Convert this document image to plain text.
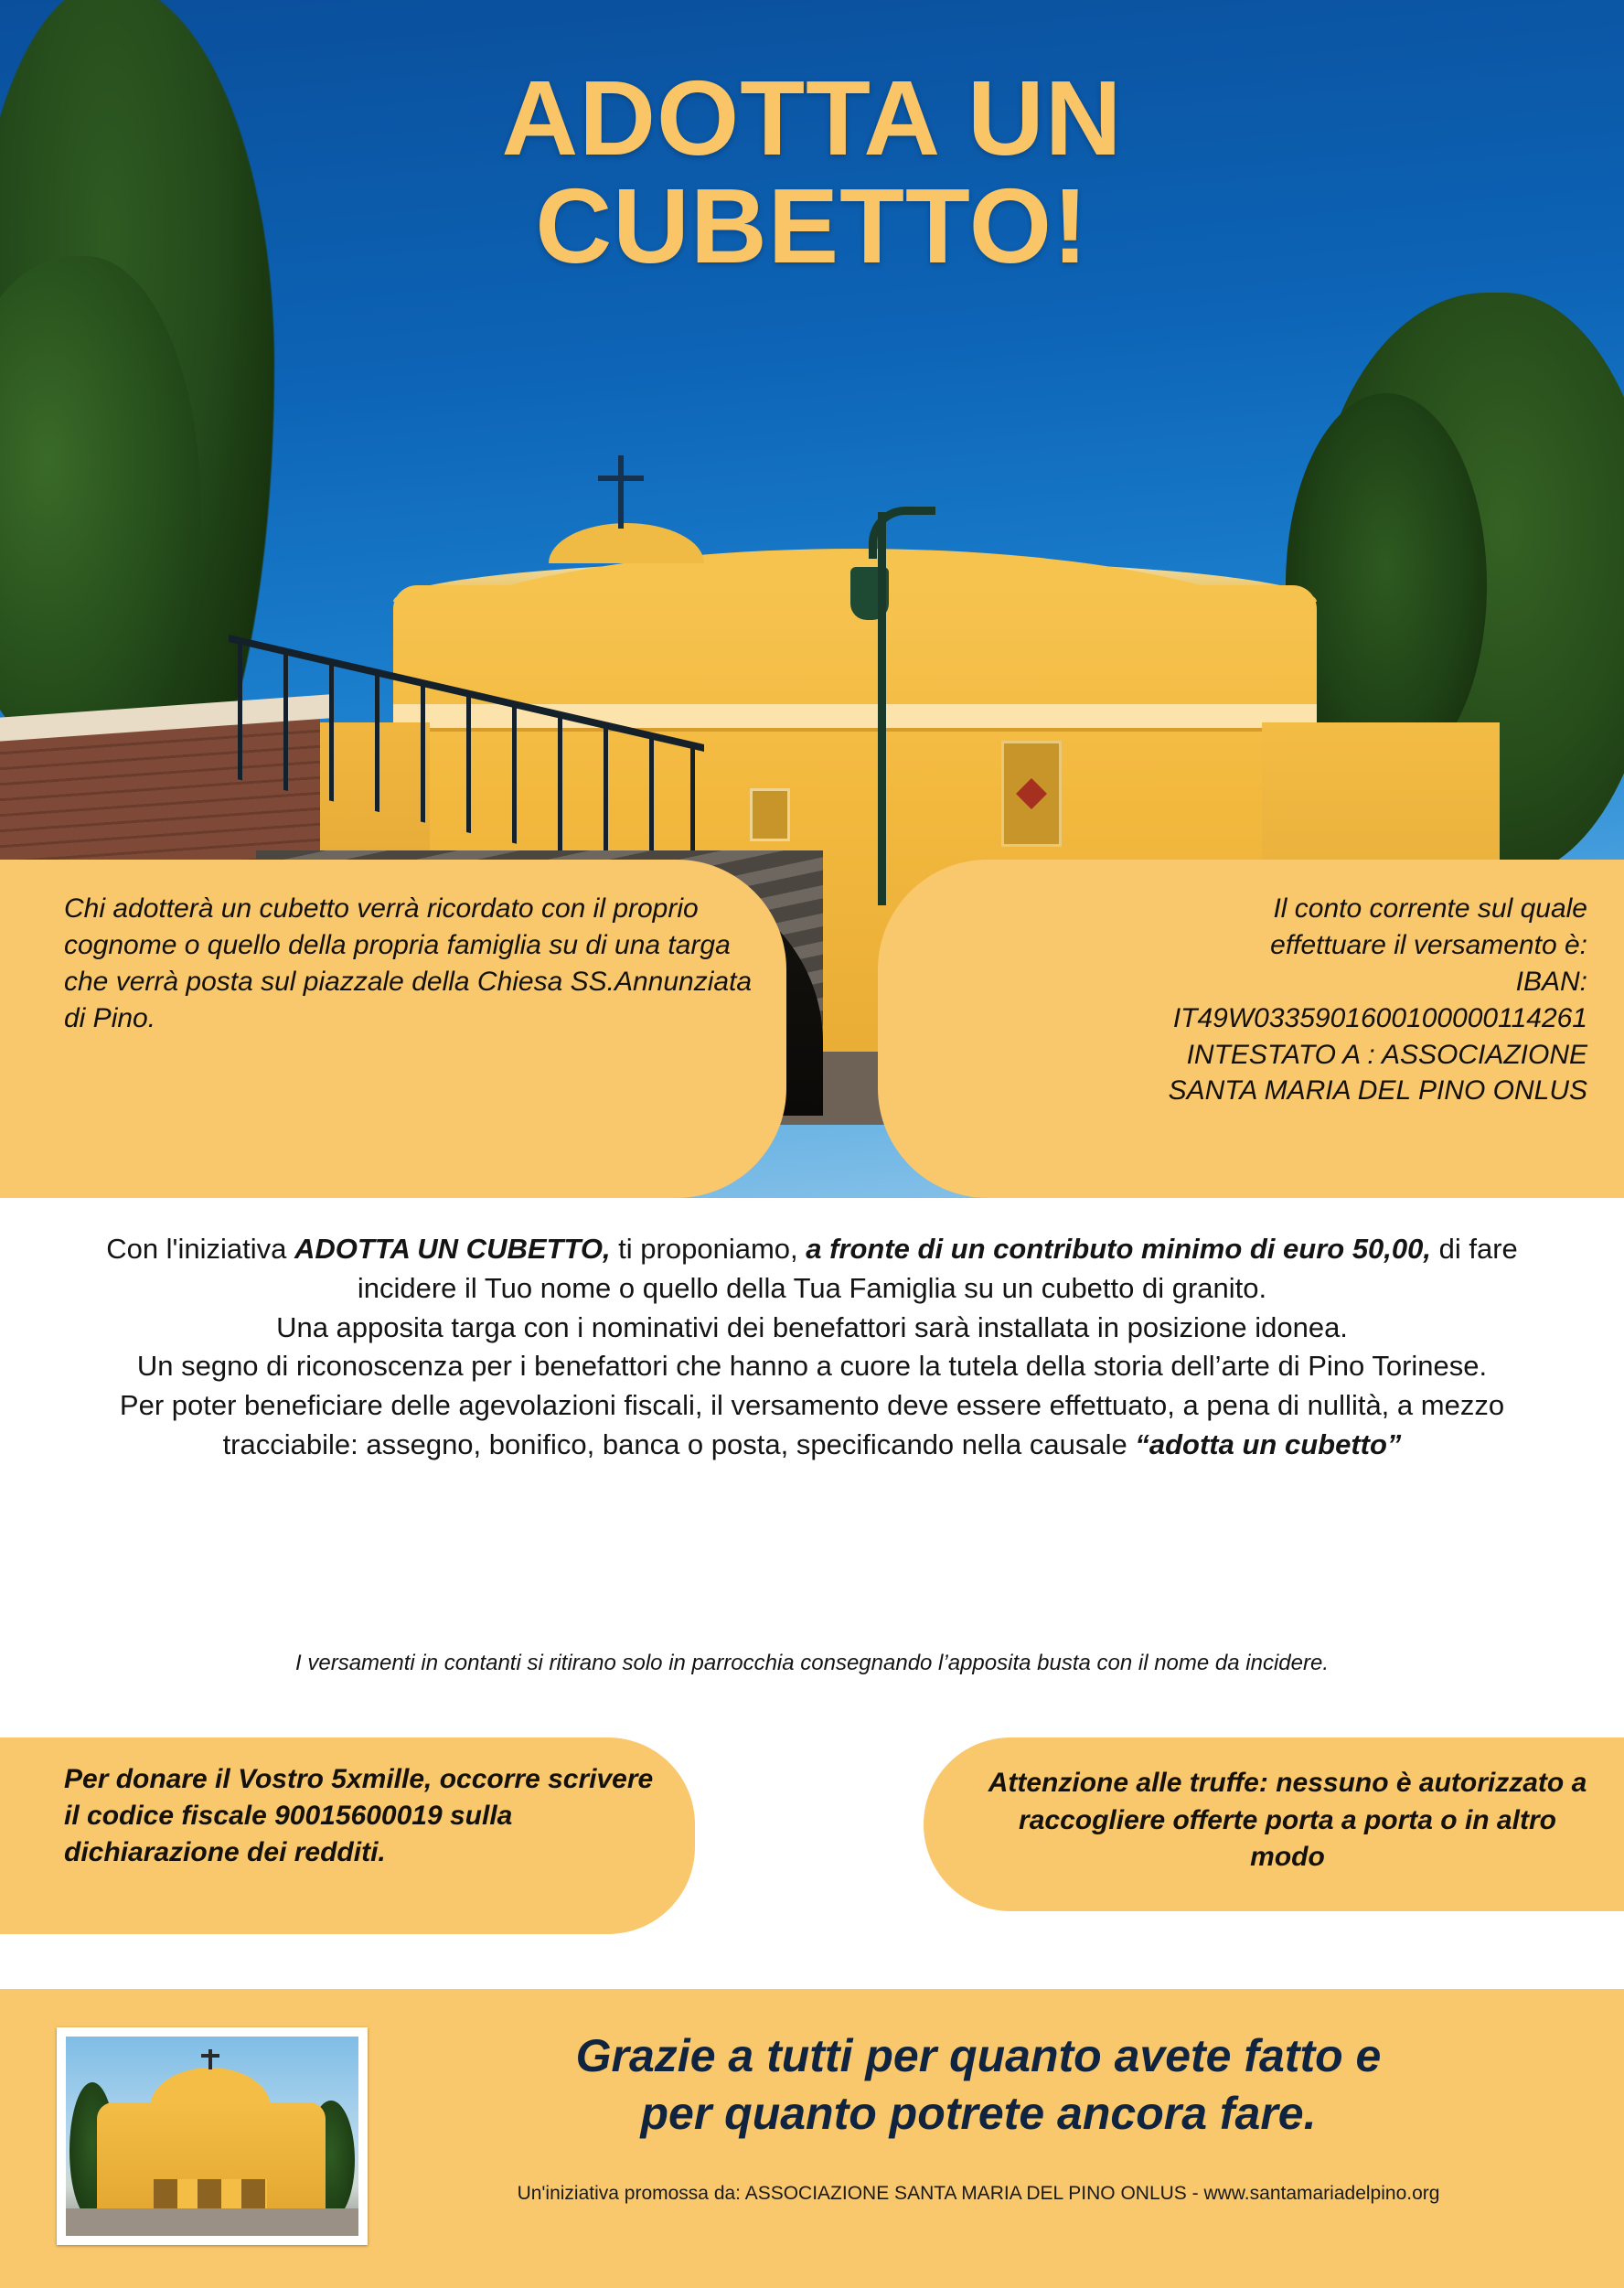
ADOTTA UN
CUBETTO!
Chi adotterà un cubetto verrà ricordato con il proprio cognome o quello della propria famiglia su di una targa che verrà posta sul piazzale della Chiesa SS.Annunziata di Pino.
Il conto corrente sul quale
effettuare il versamento è:
IBAN:
IT49W0335901600100000114261
INTESTATO A : ASSOCIAZIONE
SANTA MARIA DEL PINO ONLUS
Con l'iniziativa ADOTTA UN CUBETTO, ti proponiamo, a fronte di un contributo minimo di euro 50,00, di fare incidere il Tuo nome o quello della Tua Famiglia su un cubetto di granito.
Una apposita targa con i nominativi dei benefattori sarà installata in posizione idonea.
Un segno di riconoscenza per i benefattori che hanno a cuore la tutela della storia dell’arte di Pino Torinese.
Per poter beneficiare delle agevolazioni fiscali, il versamento deve essere effettuato, a pena di nullità, a mezzo tracciabile: assegno, bonifico, banca o posta, specificando nella causale “adotta un cubetto”
I versamenti in contanti si ritirano solo in parrocchia consegnando l’apposita busta con il nome da incidere.
Per donare il Vostro 5xmille, occorre scrivere il codice fiscale 90015600019 sulla dichiarazione dei redditi.
Attenzione alle truffe: nessuno è autorizzato a raccogliere offerte porta a porta o in altro modo
Grazie a tutti per quanto avete fatto e
per quanto potrete ancora fare.
Un'iniziativa promossa da: ASSOCIAZIONE SANTA MARIA DEL PINO ONLUS - www.santamariadelpino.org
